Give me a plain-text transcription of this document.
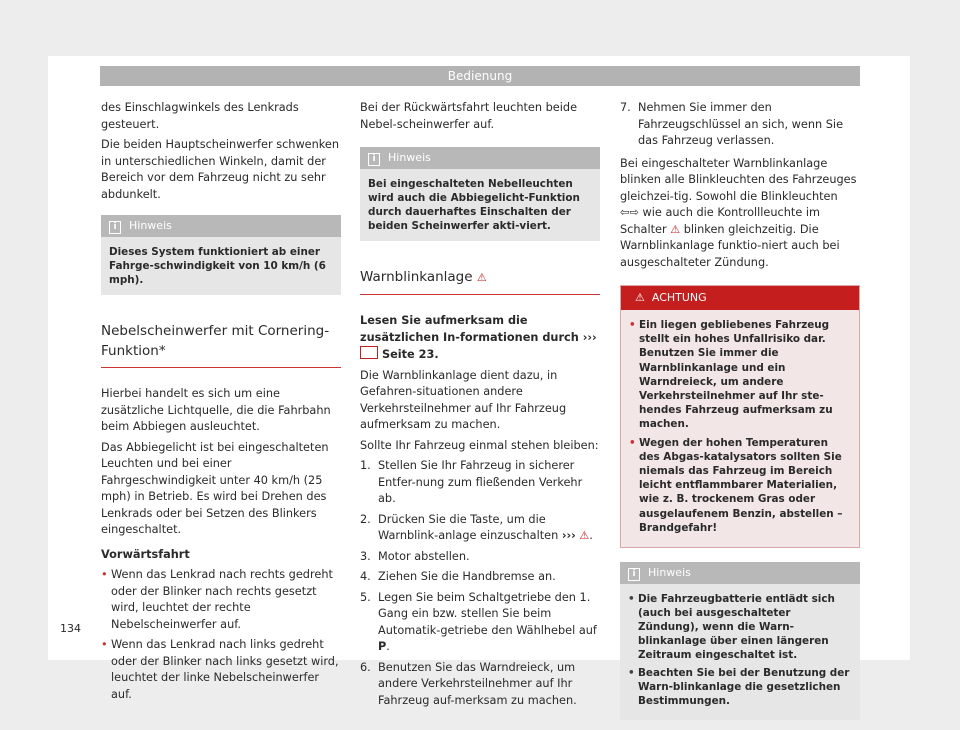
Bedienung

des Einschlagwinkels des Lenkrads gesteuert.

Die beiden Hauptscheinwerfer schwenken in unterschiedlichen Winkeln, damit der Bereich vor dem Fahrzeug nicht zu sehr abdunkelt.

i Hinweis
Dieses System funktioniert ab einer Fahrge-schwindigkeit von 10 km/h (6 mph).
Nebelscheinwerfer mit Cornering-Funktion*

Hierbei handelt es sich um eine zusätzliche Lichtquelle, die die Fahrbahn beim Abbiegen ausleuchtet.

Das Abbiegelicht ist bei eingeschalteten Leuchten und bei einer Fahrgeschwindigkeit unter 40 km/h (25 mph) in Betrieb. Es wird bei Drehen des Lenkrads oder bei Setzen des Blinkers eingeschaltet.

Vorwärtsfahrt

• Wenn das Lenkrad nach rechts gedreht oder der Blinker nach rechts gesetzt wird, leuchtet der rechte Nebelscheinwerfer auf.
• Wenn das Lenkrad nach links gedreht oder der Blinker nach links gesetzt wird, leuchtet der linke Nebelscheinwerfer auf.

Bei der Rückwärtsfahrt leuchten beide Nebel-scheinwerfer auf.

i Hinweis
Bei eingeschalteten Nebelleuchten wird auch die Abbiegelicht-Funktion durch dauerhaftes Einschalten der beiden Scheinwerfer akti-viert.
Warnblinkanlage ⚠

Lesen Sie aufmerksam die zusätzlichen In-formationen durch ›››  Seite 23.

Die Warnblinkanlage dient dazu, in Gefahren-situationen andere Verkehrsteilnehmer auf Ihr Fahrzeug aufmerksam zu machen.

Sollte Ihr Fahrzeug einmal stehen bleiben:

1. Stellen Sie Ihr Fahrzeug in sicherer Entfer-nung zum fließenden Verkehr ab.
2. Drücken Sie die Taste, um die Warnblink-anlage einzuschalten ››› ⚠.
3. Motor abstellen.
4. Ziehen Sie die Handbremse an.
5. Legen Sie beim Schaltgetriebe den 1. Gang ein bzw. stellen Sie beim Automatik-getriebe den Wählhebel auf P.
6. Benutzen Sie das Warndreieck, um andere Verkehrsteilnehmer auf Ihr Fahrzeug auf-merksam zu machen.
7. Nehmen Sie immer den Fahrzeugschlüssel an sich, wenn Sie das Fahrzeug verlassen.

Bei eingeschalteter Warnblinkanlage blinken alle Blinkleuchten des Fahrzeuges gleichzei-tig. Sowohl die Blinkleuchten ⇦⇨ wie auch die Kontrollleuchte im Schalter ⚠ blinken gleichzeitig. Die Warnblinkanlage funktio-niert auch bei ausgeschalteter Zündung.

⚠ ACHTUNG
• Ein liegen gebliebenes Fahrzeug stellt ein hohes Unfallrisiko dar. Benutzen Sie immer die Warnblinkanlage und ein Warndreieck, um andere Verkehrsteilnehmer auf Ihr ste-hendes Fahrzeug aufmerksam zu machen.
• Wegen der hohen Temperaturen des Abgas-katalysators sollten Sie niemals das Fahrzeug im Bereich leicht entflammbarer Materialien, wie z. B. trockenem Gras oder ausgelaufenem Benzin, abstellen – Brandgefahr!
i Hinweis
• Die Fahrzeugbatterie entlädt sich (auch bei ausgeschalteter Zündung), wenn die Warn-blinkanlage über einen längeren Zeitraum eingeschaltet ist.
• Beachten Sie bei der Benutzung der Warn-blinkanlage die gesetzlichen Bestimmungen.
134
